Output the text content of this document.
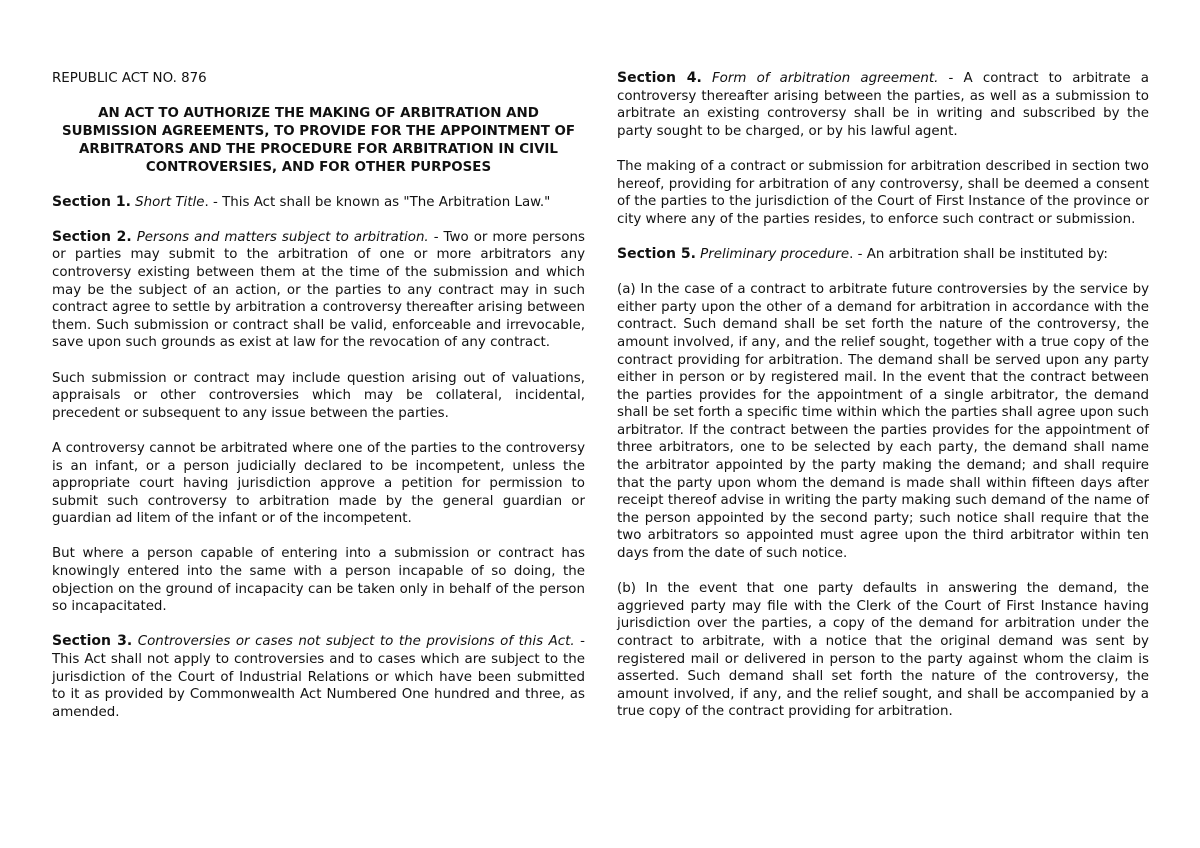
REPUBLIC ACT NO. 876
AN ACT TO AUTHORIZE THE MAKING OF ARBITRATION AND SUBMISSION AGREEMENTS, TO PROVIDE FOR THE APPOINTMENT OF ARBITRATORS AND THE PROCEDURE FOR ARBITRATION IN CIVIL CONTROVERSIES, AND FOR OTHER PURPOSES

Section 1. Short Title. - This Act shall be known as "The Arbitration Law."

Section 2. Persons and matters subject to arbitration. - Two or more persons or parties may submit to the arbitration of one or more arbitrators any controversy existing between them at the time of the submission and which may be the subject of an action, or the parties to any contract may in such contract agree to settle by arbitration a controversy thereafter arising between them. Such submission or contract shall be valid, enforceable and irrevocable, save upon such grounds as exist at law for the revocation of any contract.

Such submission or contract may include question arising out of valuations, appraisals or other controversies which may be collateral, incidental, precedent or subsequent to any issue between the parties.

A controversy cannot be arbitrated where one of the parties to the controversy is an infant, or a person judicially declared to be incompetent, unless the appropriate court having jurisdiction approve a petition for permission to submit such controversy to arbitration made by the general guardian or guardian ad litem of the infant or of the incompetent.

But where a person capable of entering into a submission or contract has knowingly entered into the same with a person incapable of so doing, the objection on the ground of incapacity can be taken only in behalf of the person so incapacitated.

Section 3. Controversies or cases not subject to the provisions of this Act. - This Act shall not apply to controversies and to cases which are subject to the jurisdiction of the Court of Industrial Relations or which have been submitted to it as provided by Commonwealth Act Numbered One hundred and three, as amended.

Section 4. Form of arbitration agreement. - A contract to arbitrate a controversy thereafter arising between the parties, as well as a submission to arbitrate an existing controversy shall be in writing and subscribed by the party sought to be charged, or by his lawful agent.

The making of a contract or submission for arbitration described in section two hereof, providing for arbitration of any controversy, shall be deemed a consent of the parties to the jurisdiction of the Court of First Instance of the province or city where any of the parties resides, to enforce such contract or submission.

Section 5. Preliminary procedure. - An arbitration shall be instituted by:

(a) In the case of a contract to arbitrate future controversies by the service by either party upon the other of a demand for arbitration in accordance with the contract. Such demand shall be set forth the nature of the controversy, the amount involved, if any, and the relief sought, together with a true copy of the contract providing for arbitration. The demand shall be served upon any party either in person or by registered mail. In the event that the contract between the parties provides for the appointment of a single arbitrator, the demand shall be set forth a specific time within which the parties shall agree upon such arbitrator. If the contract between the parties provides for the appointment of three arbitrators, one to be selected by each party, the demand shall name the arbitrator appointed by the party making the demand; and shall require that the party upon whom the demand is made shall within fifteen days after receipt thereof advise in writing the party making such demand of the name of the person appointed by the second party; such notice shall require that the two arbitrators so appointed must agree upon the third arbitrator within ten days from the date of such notice.

(b) In the event that one party defaults in answering the demand, the aggrieved party may file with the Clerk of the Court of First Instance having jurisdiction over the parties, a copy of the demand for arbitration under the contract to arbitrate, with a notice that the original demand was sent by registered mail or delivered in person to the party against whom the claim is asserted. Such demand shall set forth the nature of the controversy, the amount involved, if any, and the relief sought, and shall be accompanied by a true copy of the contract providing for arbitration.
